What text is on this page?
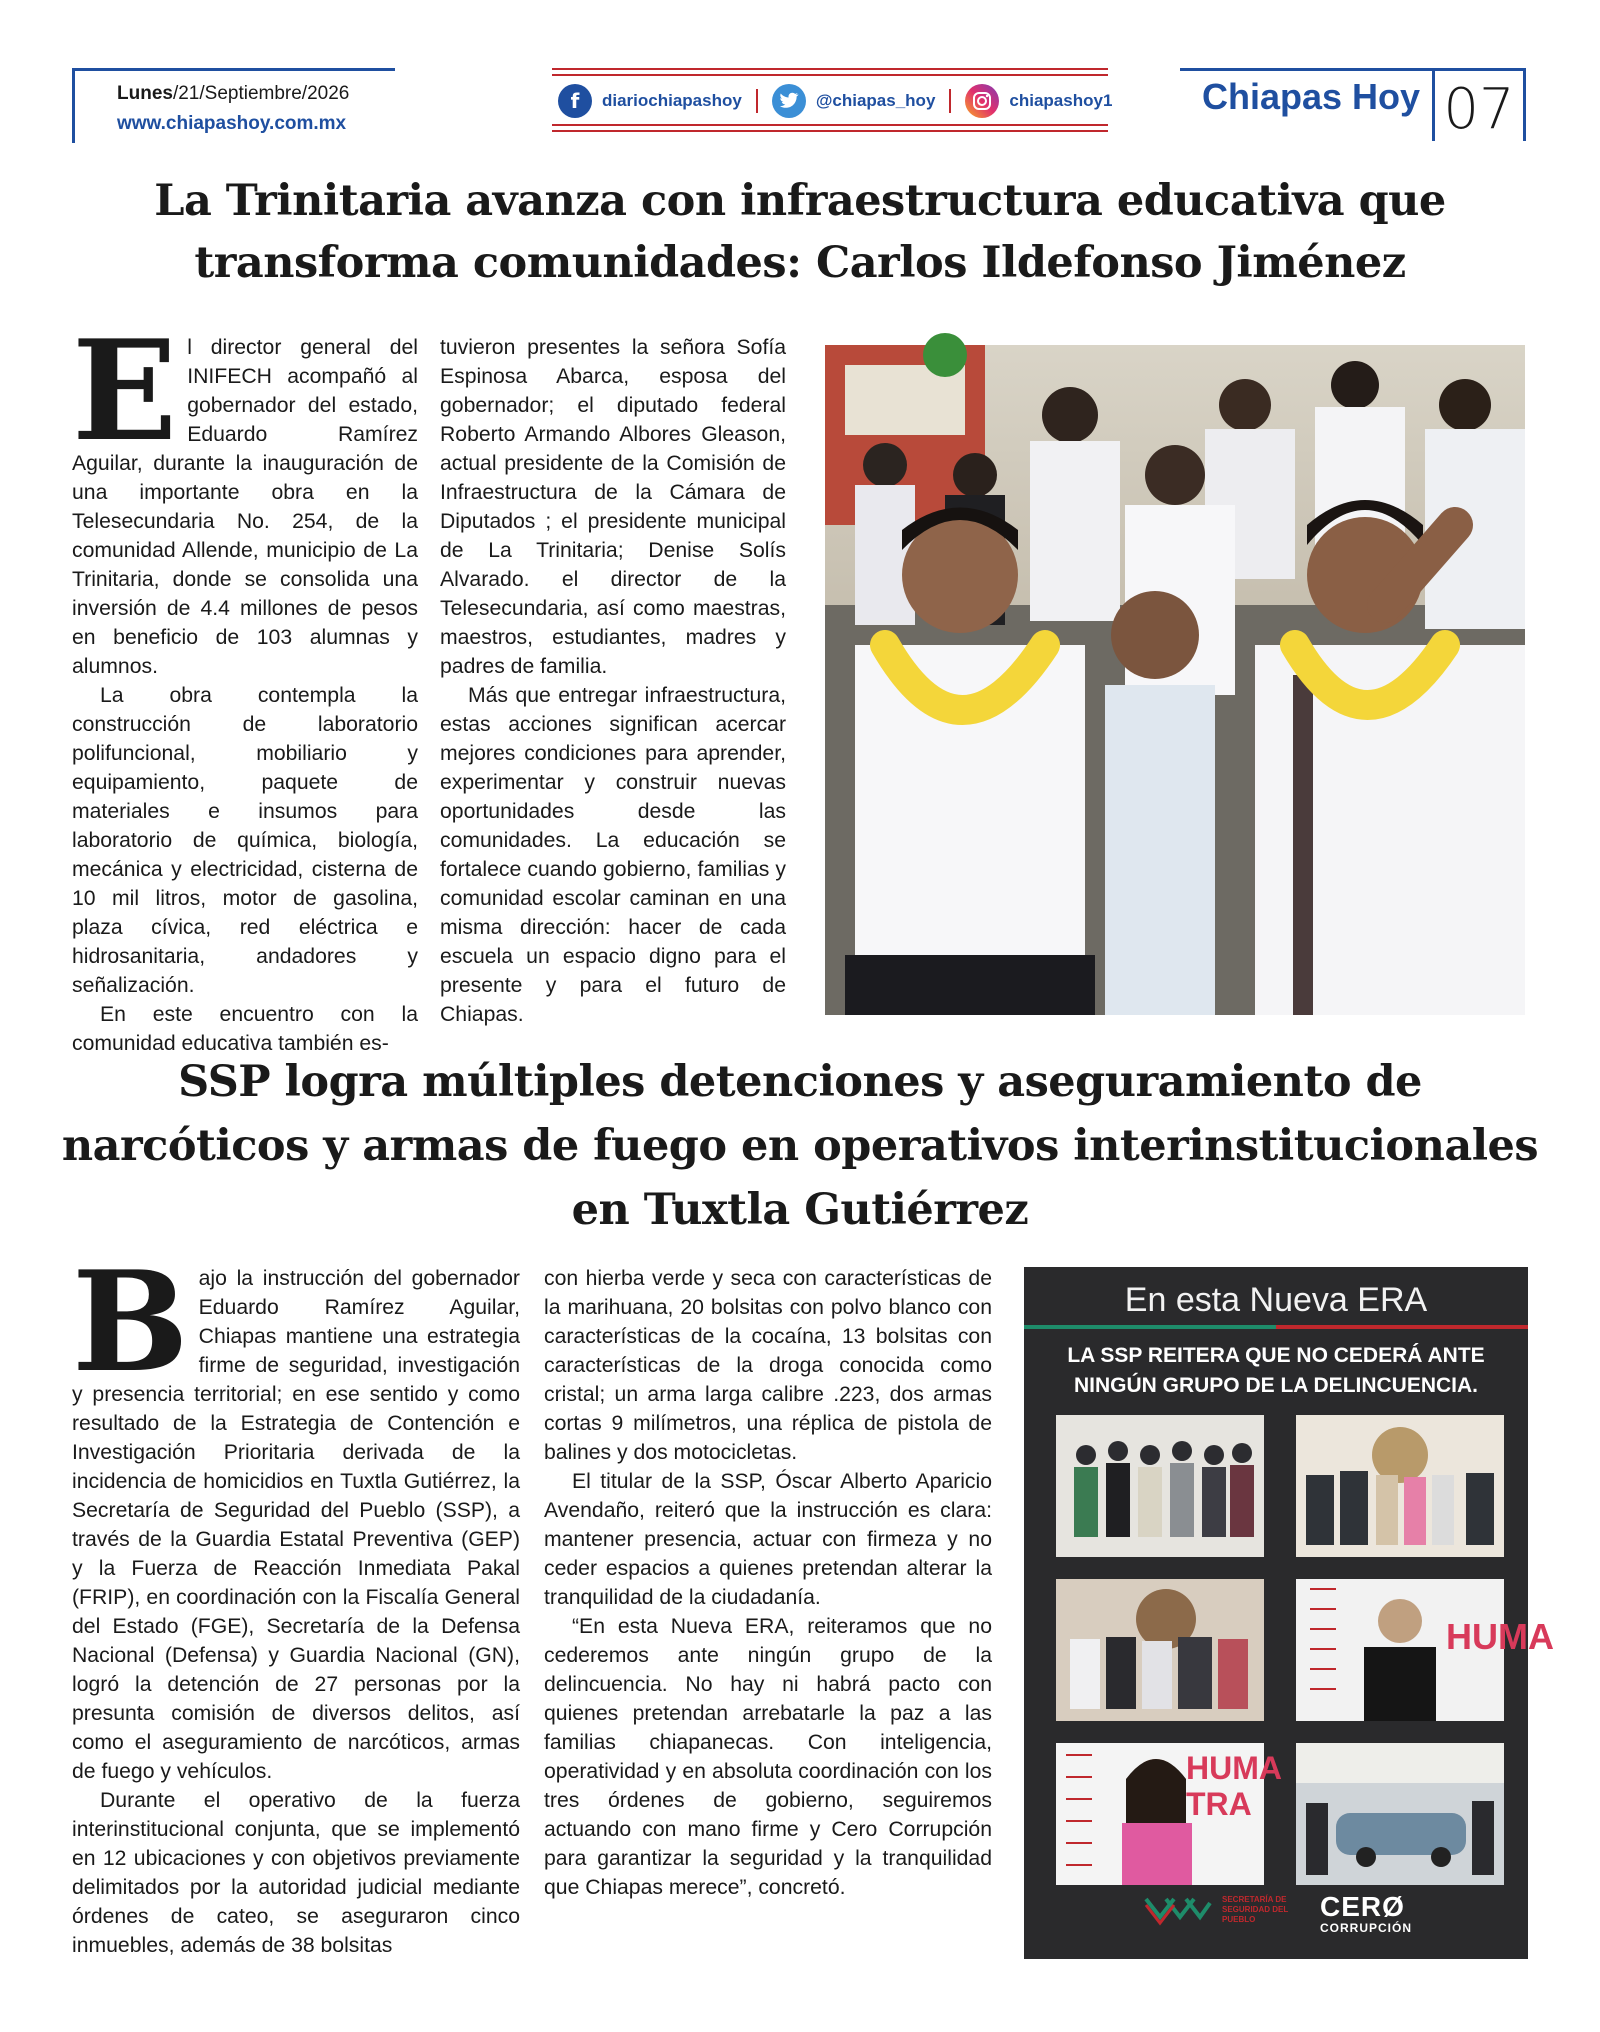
Lunes/21/Septiembre/2026
www.chiapashoy.com.mx
f	diariochiapashoy	@chiapas_hoy	chiapashoy1 Chiapas Hoy 07
La Trinitaria avanza con infraestructura educativa que
transforma comunidades: Carlos Ildefonso Jiménez

El director general del INIFECH acompañó al gobernador del estado, Eduardo Ramírez Aguilar, durante la inauguración de una importante obra en la Telesecundaria No. 254, de la comunidad Allende, municipio de La Trinitaria, donde se consolida una inversión de 4.4 millones de pesos en beneficio de 103 alumnas y alumnos.

La obra contempla la construcción de laboratorio polifuncional, mobiliario y equipamiento, paquete de materiales e insumos para laboratorio de química, biología, mecánica y electricidad, cisterna de 10 mil litros, motor de gasolina, plaza cívica, red eléctrica e hidrosanitaria, andadores y señalización.

En este encuentro con la comunidad educativa también es-

tuvieron presentes la señora Sofía Espinosa Abarca, esposa del gobernador; el diputado federal Roberto Armando Albores Gleason, actual presidente de la Comisión de Infraestructura de la Cámara de Diputados ; el presidente municipal de La Trinitaria; Denise Solís Alvarado. el director de la Telesecundaria, así como maestras, maestros, estudiantes, madres y padres de familia.

Más que entregar infraestructura, estas acciones significan acercar mejores condiciones para aprender, experimentar y construir nuevas oportunidades desde las comunidades. La educación se fortalece cuando gobierno, familias y comunidad escolar caminan en una misma dirección: hacer de cada escuela un espacio digno para el presente y para el futuro de Chiapas.

SSP logra múltiples detenciones y aseguramiento de
narcóticos y armas de fuego en operativos interinstitucionales
en Tuxtla Gutiérrez

Bajo la instrucción del gobernador Eduardo Ramírez Aguilar, Chiapas mantiene una estrategia firme de seguridad, investigación y presencia territorial; en ese sentido y como resultado de la Estrategia de Contención e Investigación Prioritaria derivada de la incidencia de homicidios en Tuxtla Gutiérrez, la Secretaría de Seguridad del Pueblo (SSP), a través de la Guardia Estatal Preventiva (GEP) y la Fuerza de Reacción Inmediata Pakal (FRIP), en coordinación con la Fiscalía General del Estado (FGE), Secretaría de la Defensa Nacional (Defensa) y Guardia Nacional (GN), logró la detención de 27 personas por la presunta comisión de diversos delitos, así como el aseguramiento de narcóticos, armas de fuego y vehículos.

Durante el operativo de la fuerza interinstitucional conjunta, que se implementó en 12 ubicaciones y con objetivos previamente delimitados por la autoridad judicial mediante órdenes de cateo, se aseguraron cinco inmuebles, además de 38 bolsitas

con hierba verde y seca con características de la marihuana, 20 bolsitas con polvo blanco con características de la cocaína, 13 bolsitas con características de la droga conocida como cristal; un arma larga calibre .223, dos armas cortas 9 milímetros, una réplica de pistola de balines y dos motocicletas.

El titular de la SSP, Óscar Alberto Aparicio Avendaño, reiteró que la instrucción es clara: mantener presencia, actuar con firmeza y no ceder espacios a quienes pretendan alterar la tranquilidad de la ciudadanía.

“En esta Nueva ERA, reiteramos que no cederemos ante ningún grupo de la delincuencia. No hay ni habrá pacto con quienes pretendan arrebatarle la paz a las familias chiapanecas. Con inteligencia, operatividad y en absoluta coordinación con los tres órdenes de gobierno, seguiremos actuando con mano firme y Cero Corrupción para garantizar la seguridad y la tranquilidad que Chiapas merece”, concretó.

En esta Nueva ERA
LA SSP REITERA QUE NO CEDERÁ ANTE
NINGÚN GRUPO DE LA DELINCUENCIA.
HUMA
HUMA
TRA
SECRETARÍA DE SEGURIDAD DEL PUEBLO	CERØ
CORRUPCIÓN
